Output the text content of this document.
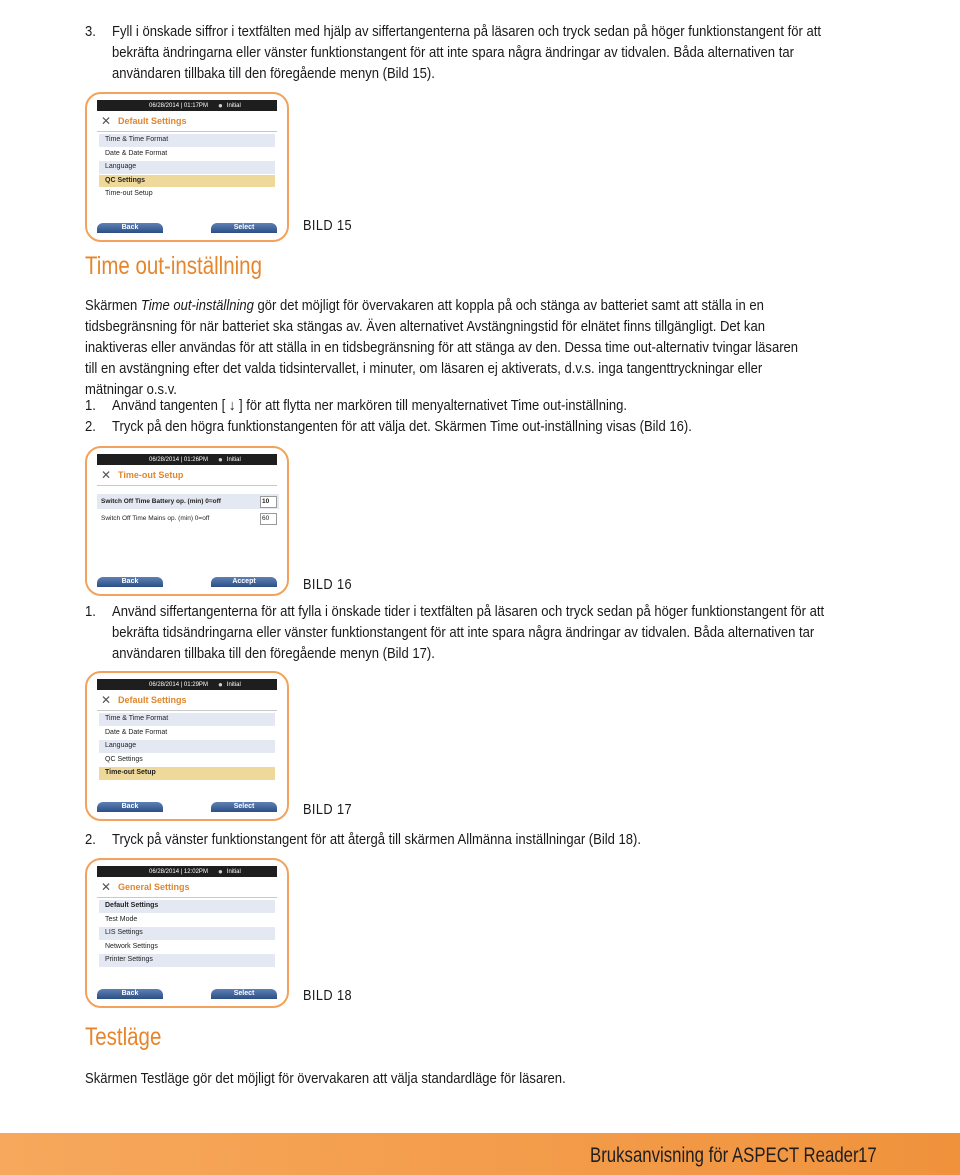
3. Fyll i önskade siffror i textfälten med hjälp av siffertangenterna på läsaren och tryck sedan på höger funktionstangent för att bekräfta ändringarna eller vänster funktionstangent för att inte spara några ändringar av tidvalen. Båda alternativen tar användaren tillbaka till den föregående menyn (Bild 15).
06/28/2014 | 01:17PM ● Initial
✕ Default Settings
Time & Time Format
Date & Date Format
Language
QC Settings
Time-out Setup
Back	Select	BILD 15
Time out-inställning
Skärmen Time out-inställning gör det möjligt för övervakaren att koppla på och stänga av batteriet samt att ställa in en tidsbegränsning för när batteriet ska stängas av. Även alternativet Avstängningstid för elnätet finns tillgängligt. Det kan inaktiveras eller användas för att ställa in en tidsbegränsning för att stänga av den. Dessa time out-alternativ tvingar läsaren till en avstängning efter det valda tidsintervallet, i minuter, om läsaren ej aktiverats, d.v.s. inga tangenttryckningar eller mätningar o.s.v.
1. Använd tangenten [ ↓ ] för att flytta ner markören till menyalternativet Time out-inställning.
2. Tryck på den högra funktionstangenten för att välja det. Skärmen Time out-inställning visas (Bild 16).
06/28/2014 | 01:26PM ● Initial
✕ Time-out Setup
Switch Off Time Battery op. (min) 0=off	10
Switch Off Time Mains op. (min) 0=off	60
Back	Accept	BILD 16
1. Använd siffertangenterna för att fylla i önskade tider i textfälten på läsaren och tryck sedan på höger funktionstangent för att bekräfta tidsändringarna eller vänster funktionstangent för att inte spara några ändringar av tidvalen. Båda alternativen tar användaren tillbaka till den föregående menyn (Bild 17).
06/28/2014 | 01:29PM ● Initial
✕ Default Settings
Time & Time Format
Date & Date Format
Language
QC Settings
Time-out Setup
Back	Select	BILD 17
2. Tryck på vänster funktionstangent för att återgå till skärmen Allmänna inställningar (Bild 18).
06/28/2014 | 12:02PM ● Initial
✕ General Settings
Default Settings
Test Mode
LIS Settings
Network Settings
Printer Settings
Back	Select	BILD 18
Testläge
Skärmen Testläge gör det möjligt för övervakaren att välja standardläge för läsaren.
Bruksanvisning för ASPECT Reader 17
